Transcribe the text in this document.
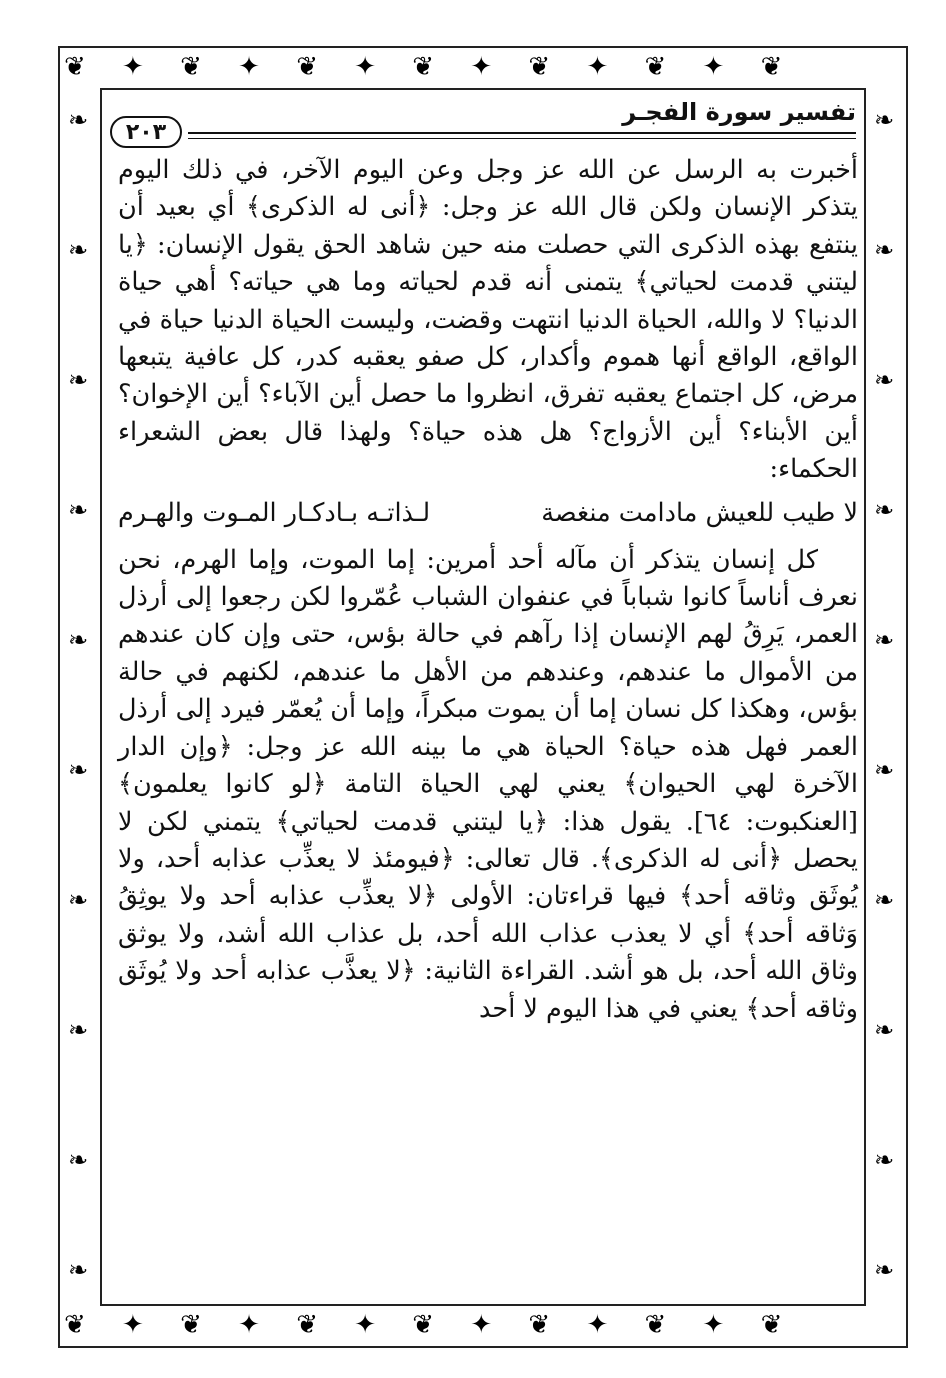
❦ ✦ ❦ ✦ ❦ ✦ ❦ ✦ ❦ ✦ ❦ ✦ ❦
❦ ✦ ❦ ✦ ❦ ✦ ❦ ✦ ❦ ✦ ❦ ✦ ❦
❧
❧
❧
❧
❧
❧
❧
❧
❧
❧
❧
❧
❧
❧
❧
❧
❧
❧
❧
❧
تفسير سورة الفجـر
٢٠٣

أخبرت به الرسل عن الله عز وجل وعن اليوم الآخر، في ذلك اليوم يتذكر الإنسان ولكن قال الله عز وجل: ﴿أنى له الذكرى﴾ أي بعيد أن ينتفع بهذه الذكرى التي حصلت منه حين شاهد الحق يقول الإنسان: ﴿يا ليتني قدمت لحياتي﴾ يتمنى أنه قدم لحياته وما هي حياته؟ أهي حياة الدنيا؟ لا والله، الحياة الدنيا انتهت وقضت، وليست الحياة الدنيا حياة في الواقع، الواقع أنها هموم وأكدار، كل صفو يعقبه كدر، كل عافية يتبعها مرض، كل اجتماع يعقبه تفرق، انظروا ما حصل أين الآباء؟ أين الإخوان؟ أين الأبناء؟ أين الأزواج؟ هل هذه حياة؟ ولهذا قال بعض الشعراء الحكماء:

لا طيب للعيش مادامت منغصة
لـذاتـه بـادكـار المـوت والهـرم

كل إنسان يتذكر أن مآله أحد أمرين: إما الموت، وإما الهرم، نحن نعرف أناساً كانوا شباباً في عنفوان الشباب عُمّروا لكن رجعوا إلى أرذل العمر، يَرِقُ لهم الإنسان إذا رآهم في حالة بؤس، حتى وإن كان عندهم من الأموال ما عندهم، وعندهم من الأهل ما عندهم، لكنهم في حالة بؤس، وهكذا كل نسان إما أن يموت مبكراً، وإما أن يُعمّر فيرد إلى أرذل العمر فهل هذه حياة؟ الحياة هي ما بينه الله عز وجل: ﴿وإن الدار الآخرة لهي الحيوان﴾ يعني لهي الحياة التامة ﴿لو كانوا يعلمون﴾ [العنكبوت: ٦٤]. يقول هذا: ﴿يا ليتني قدمت لحياتي﴾ يتمني لكن لا يحصل ﴿أنى له الذكرى﴾. قال تعالى: ﴿فيومئذ لا يعذِّب عذابه أحد، ولا يُوثَق وثاقه أحد﴾ فيها قراءتان: الأولى ﴿لا يعذِّب عذابه أحد ولا يوثِقُ وَثاقه أحد﴾ أي لا يعذب عذاب الله أحد، بل عذاب الله أشد، ولا يوثق وثاق الله أحد، بل هو أشد. القراءة الثانية: ﴿لا يعذَّب عذابه أحد ولا يُوثَق وثاقه أحد﴾ يعني في هذا اليوم لا أحد
